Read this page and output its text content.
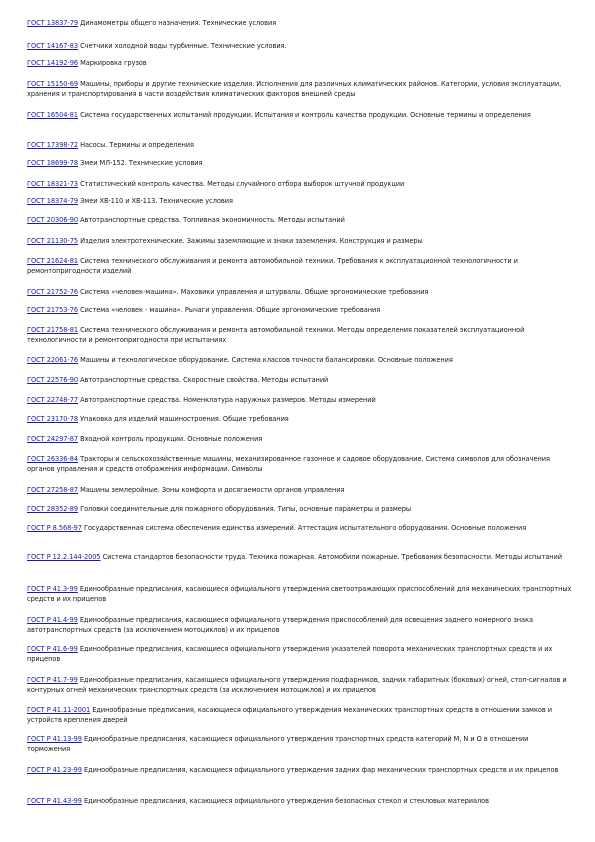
ГОСТ 13837-79 Динамометры общего назначения. Технические условия
ГОСТ 14167-83 Счетчики холодной воды турбинные. Технические условия.
ГОСТ 14192-96 Маркировка грузов
ГОСТ 15150-69 Машины, приборы и другие технические изделия. Исполнения для различных климатических районов. Категории, условия эксплуатации, хранения и транспортирования в части воздействия климатических факторов внешней среды
ГОСТ 16504-81 Система государственных испытаний продукции. Испытания и контроль качества продукции. Основные термины и определения
ГОСТ 17398-72 Насосы. Термины и определения
ГОСТ 18699-78 Змеи МЛ-152. Технические условия
ГОСТ 18321-73 Статистический контроль качества. Методы случайного отбора выборок штучной продукции
ГОСТ 18374-79 Змеи ХВ-110 и ХВ-113. Технические условия
ГОСТ 20306-90 Автотранспортные средства. Топливная экономичность. Методы испытаний
ГОСТ 21130-75 Изделия электротехнические. Зажимы заземляющие и знаки заземления. Конструкция и размеры
ГОСТ 21624-81 Система технического обслуживания и ремонта автомобильной техники. Требования к эксплуатационной технологичности и ремонтопригодности изделий
ГОСТ 21752-76 Система «человек-машина». Маховики управления и штурвалы. Общие эргономические требования
ГОСТ 21753-76 Система «человек - машина». Рычаги управления. Общие эргономические требования
ГОСТ 21758-81 Система технического обслуживания и ремонта автомобильной техники. Методы определения показателей эксплуатационной технологичности и ремонтопригодности при испытаниях
ГОСТ 22061-76 Машины и технологическое оборудование. Система классов точности балансировки. Основные положения
ГОСТ 22576-90 Автотранспортные средства. Скоростные свойства. Методы испытаний
ГОСТ 22748-77 Автотранспортные средства. Номенклатура наружных размеров. Методы измерений
ГОСТ 23170-78 Упаковка для изделий машиностроения. Общие требования
ГОСТ 24297-87 Входной контроль продукции. Основные положения
ГОСТ 26336-84 Тракторы и сельскохозяйственные машины, механизированное газонное и садовое оборудование. Система символов для обозначения органов управления и средств отображения информации. Символы
ГОСТ 27258-87 Машины землеройные. Зоны комфорта и досягаемости органов управления
ГОСТ 28352-89 Головки соединительные для пожарного оборудования. Типы, основные параметры и размеры
ГОСТ Р 8.568-97 Государственная система обеспечения единства измерений. Аттестация испытательного оборудования. Основные положения
ГОСТ Р 12.2.144-2005 Система стандартов безопасности труда. Техника пожарная. Автомобили пожарные. Требования безопасности. Методы испытаний
ГОСТ Р 41.3-99 Единообразные предписания, касающиеся официального утверждения светоотражающих приспособлений для механических транспортных средств и их прицепов
ГОСТ Р 41.4-99 Единообразные предписания, касающиеся официального утверждения приспособлений для освещения заднего номерного знака автотранспортных средств (за исключением мотоциклов) и их прицепов
ГОСТ Р 41.6-99 Единообразные предписания, касающиеся официального утверждения указателей поворота механических транспортных средств и их прицепов
ГОСТ Р 41.7-99 Единообразные предписания, касающиеся официального утверждения подфарников, задних габаритных (боковых) огней, стоп-сигналов и контурных огней механических транспортных средств (за исключением мотоциклов) и их прицепов
ГОСТ Р 41.11-2001 Единообразные предписания, касающиеся официального утверждения механических транспортных средств в отношении замков и устройств крепления дверей
ГОСТ Р 41.13-99 Единообразные предписания, касающиеся официального утверждения транспортных средств категорий М, N и О в отношении торможения
ГОСТ Р 41.23-99 Единообразные предписания, касающиеся официального утверждения задних фар механических транспортных средств и их прицепов
ГОСТ Р 41.43-99 Единообразные предписания, касающиеся официального утверждения безопасных стекол и стекловых материалов
